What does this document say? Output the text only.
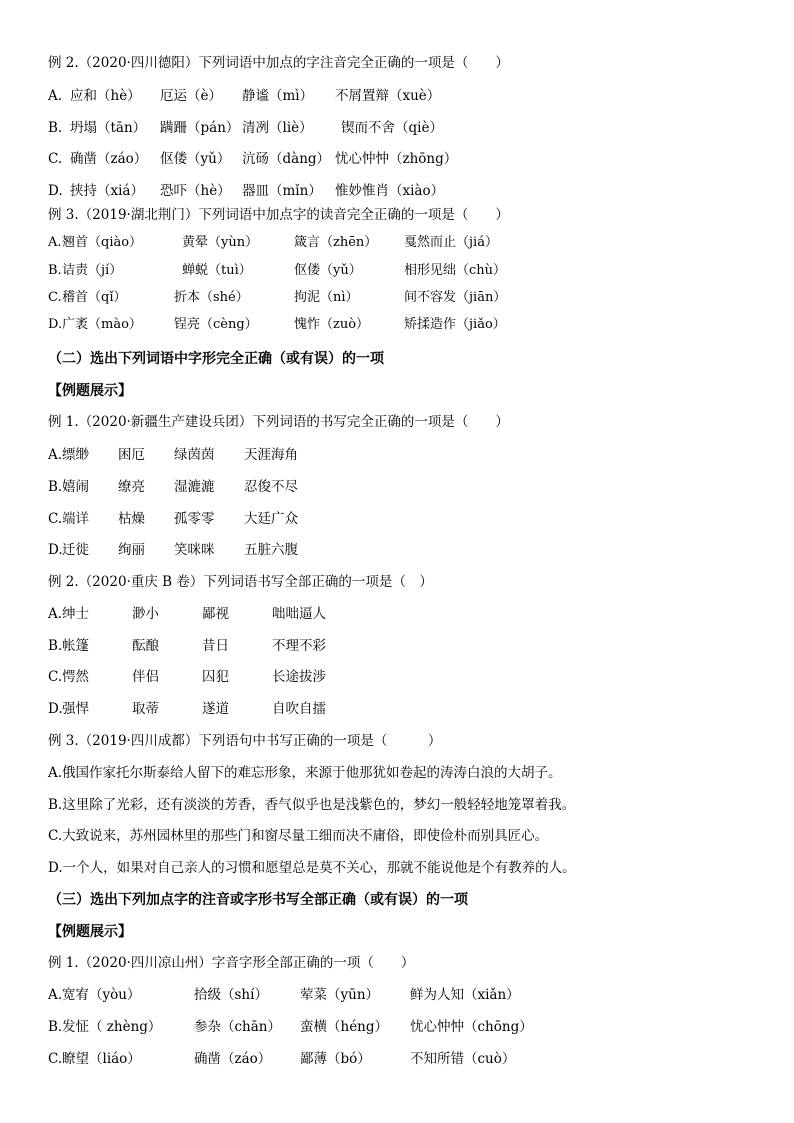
例 2.（2020·四川德阳）下列词语中加点的字注音完全正确的一项是（　　）
A. 应和（hè） 厄运（è） 静谧（mì） 不屑置辩（xuè）
B. 坍塌（tān） 蹒跚（pán） 清冽（liè） 锲而不舍（qiè）
C. 确凿（záo） 伛偻（yǔ） 沆砀（dàng） 忧心忡忡（zhōng）
D. 挟持（xiá） 恐吓（hè） 器皿（mǐn） 惟妙惟肖（xiào）
例 3.（2019·湖北荆门）下列词语中加点字的读音完全正确的一项是（　　）
A. 翘首（qiào）	黄晕（yùn）	箴言（zhēn） 戛然而止（jiá）
B. 诘责（jí）	蝉蜕（tuì）	伛偻（yǔ）	相形见绌（chù）
C. 稽首（qǐ）	折本（shé）	拘泥（nì）	间不容发（jiān）
D. 广袤（mào） 锃亮（cèng）	愧怍（zuò）	矫揉造作（jiǎo）
（二）选出下列词语中字形完全正确（或有误）的一项
【例题展示】
例 1.（2020·新疆生产建设兵团）下列词语的书写完全正确的一项是（　　）
A. 缥缈 困厄 绿茵茵 天涯海角
B. 嬉闹 缭亮 湿漉漉 忍俊不尽
C. 端详 枯燥 孤零零 大廷广众
D. 迁徙 绚丽 笑咪咪 五脏六腹
例 2.（2020·重庆 B 卷）下列词语书写全部正确的一项是（　）
A. 绅士	渺小	鄙视	咄咄逼人
B. 帐篷	酝酿	昔日	不理不彩
C. 愕然	伴侣	囚犯	长途拔涉
D. 强悍	取蒂	遂道	自吹自擂
例 3.（2019·四川成都）下列语句中书写正确的一项是（　　　）
A.俄国作家托尔斯泰给人留下的难忘形象，来源于他那犹如卷起的涛涛白浪的大胡子。
B.这里除了光彩，还有淡淡的芳香，香气似乎也是浅紫色的，梦幻一般轻轻地笼罩着我。
C.大致说来，苏州园林里的那些门和窗尽量工细而决不庸俗，即使俭朴而别具匠心。
D.一个人，如果对自己亲人的习惯和愿望总是莫不关心，那就不能说他是个有教养的人。
（三）选出下列加点字的注音或字形书写全部正确（或有误）的一项
【例题展示】
例 1.（2020·四川凉山州）字音字形全部正确的一项（　　）
A. 宽宥（yòu）	拾级（shí） 荤菜（yūn） 鲜为人知（xiǎn）
B. 发怔（ zhèng） 参杂（chān） 蛮横（héng） 忧心忡忡（chōng）
C. 瞭望（liáo）	确凿（záo） 鄙薄（bó）	不知所错（cuò）
